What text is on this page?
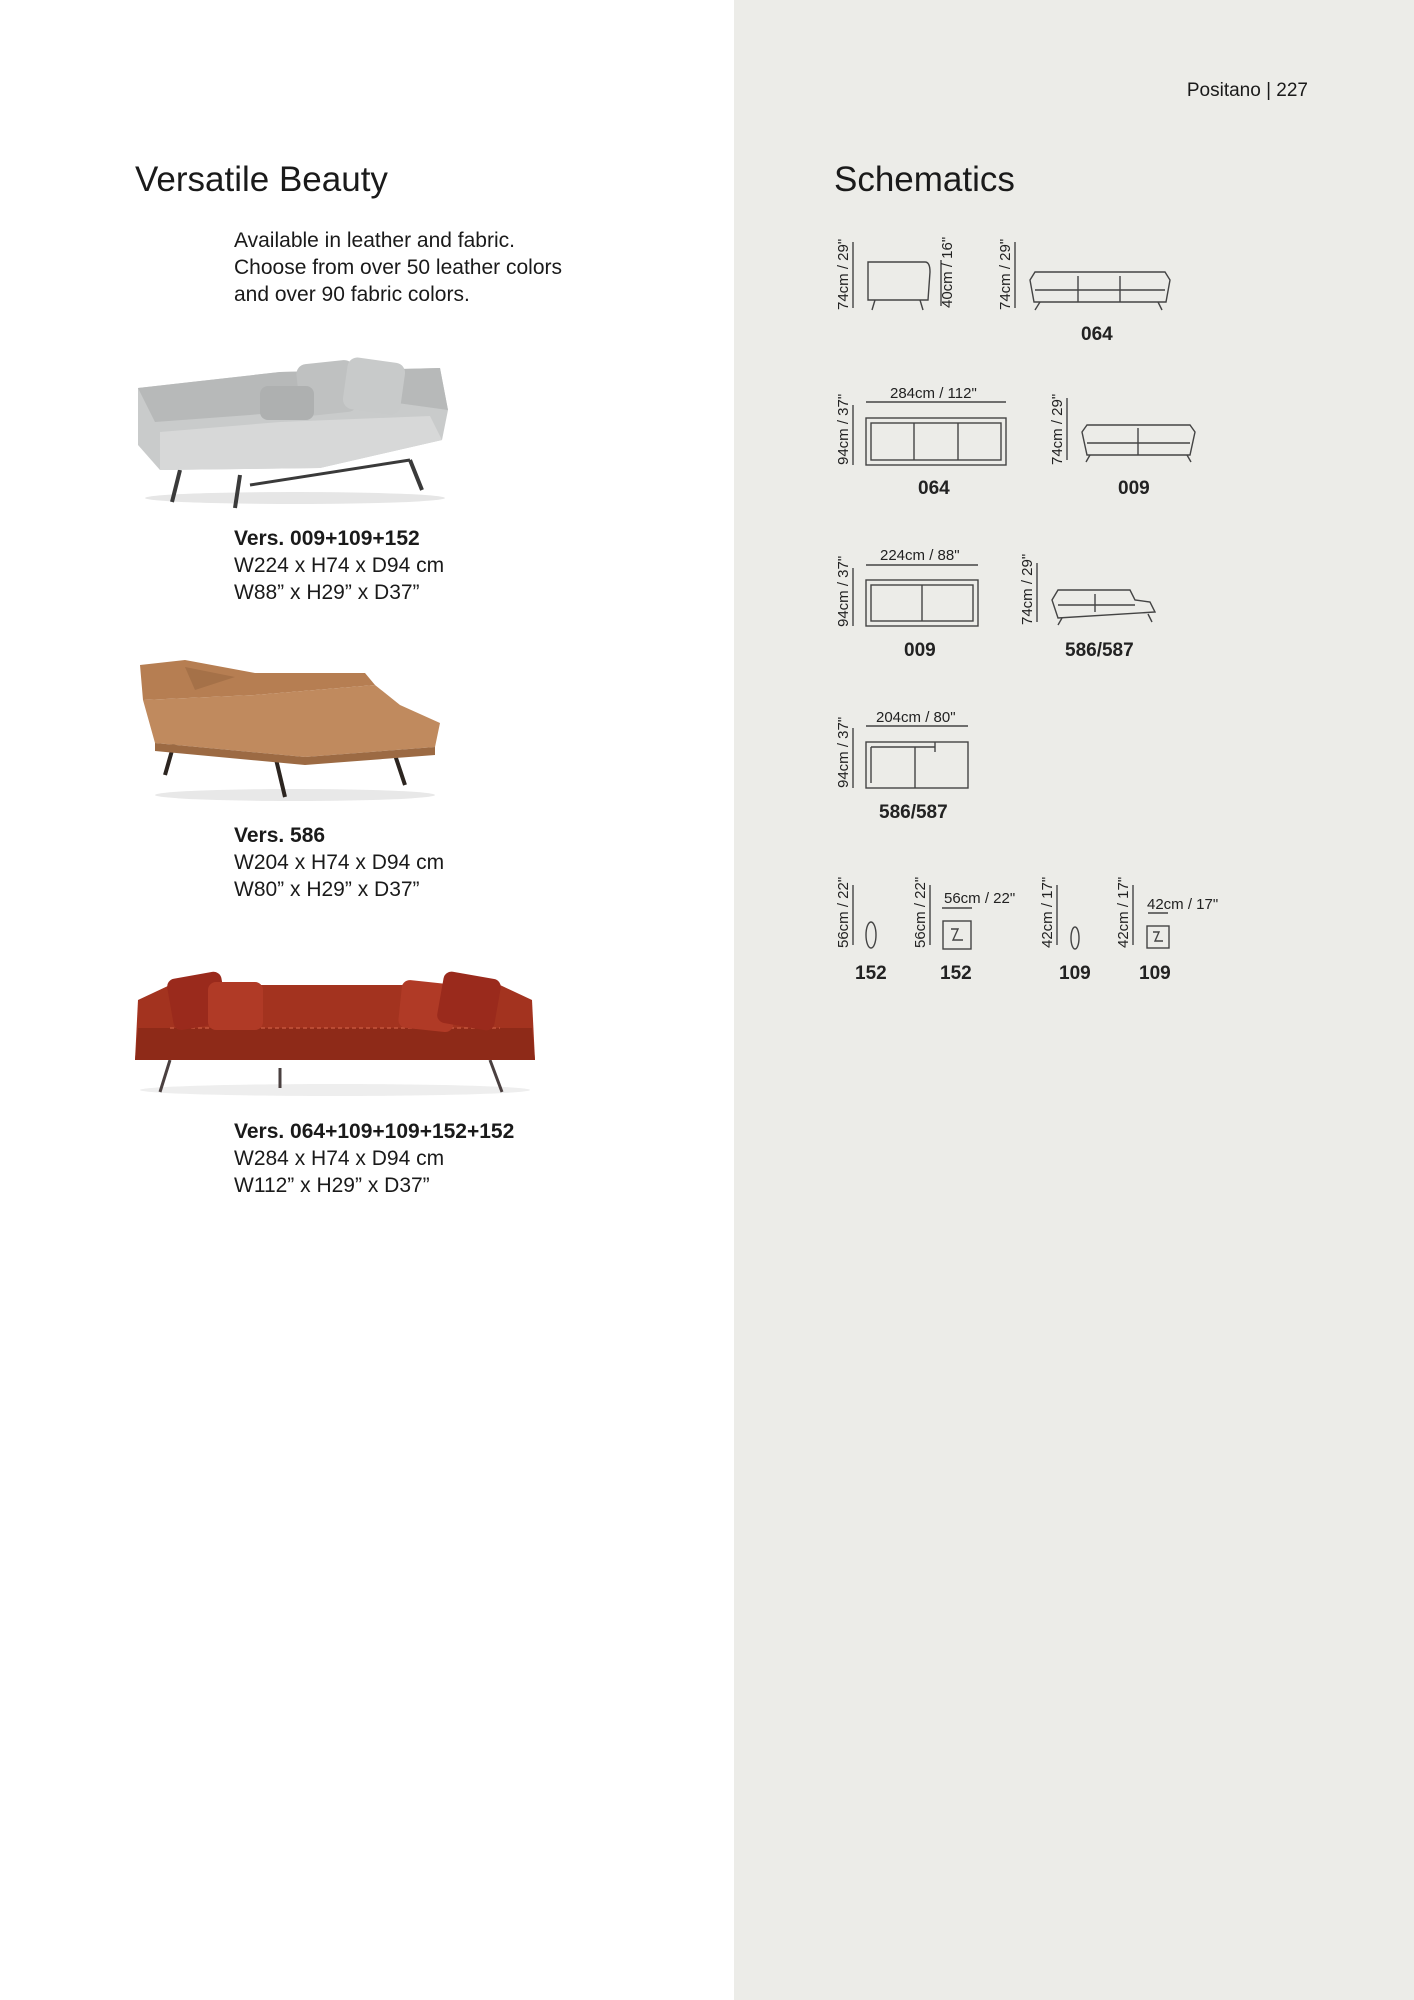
Positano | 227
Versatile Beauty
Available in leather and fabric.
Choose from over 50 leather colors
and over 90 fabric colors.
Vers. 009+109+152
W224 x H74 x D94 cm
W88” x H29” x D37”
Vers. 586
W204 x H74 x D94 cm
W80” x H29” x D37”
Vers. 064+109+109+152+152
W284 x H74 x D94 cm
W112” x H29” x D37”
Schematics
74cm / 29"	40cm / 16"	74cm / 29"
94cm / 37"	74cm / 29"
94cm / 37"	74cm / 29"
94cm / 37"
56cm / 22"	56cm / 22"	42cm / 17"	42cm / 17"
284cm / 112"
224cm / 88"
204cm / 80"
56cm / 22"	42cm / 17"
064
064	009
009	586/587
586/587
152	152	109	109
